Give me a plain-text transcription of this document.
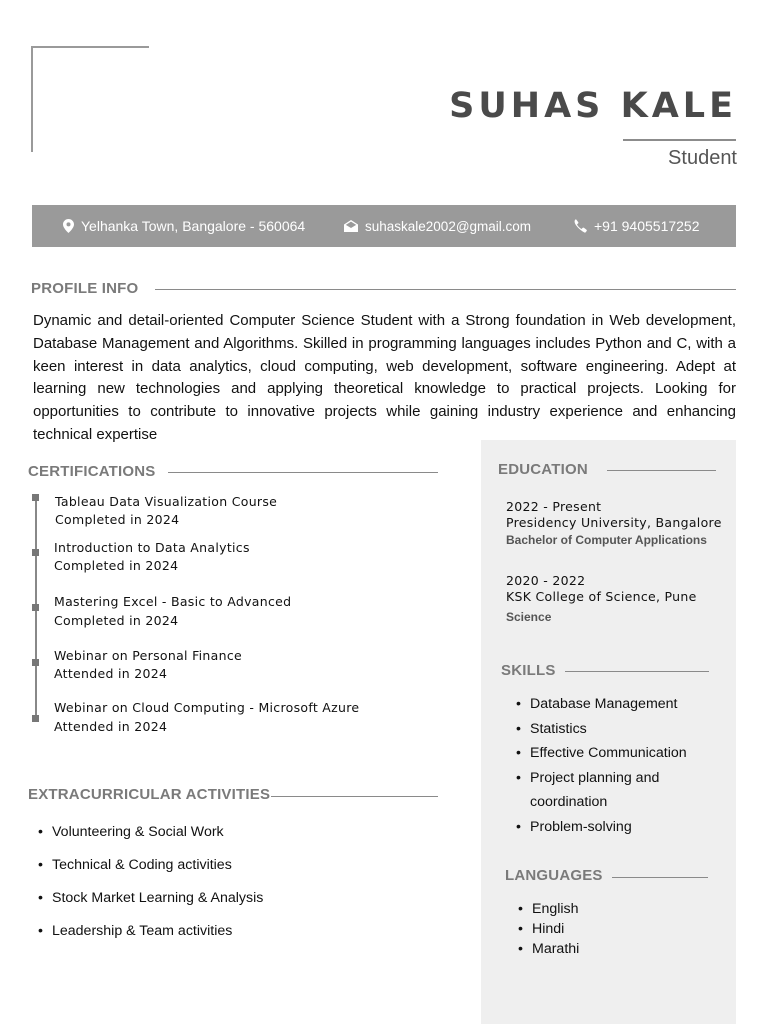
SUHAS KALE
Student
Yelhanka Town, Bangalore - 560064	suhaskale2002@gmail.com	+91 9405517252
PROFILE INFO
Dynamic and detail-oriented Computer Science Student with a Strong foundation in Web development, Database Management and Algorithms. Skilled in programming languages includes Python and C, with a keen interest in data analytics, cloud computing, web development, software engineering. Adept at learning new technologies and applying theoretical knowledge to practical projects. Looking for opportunities to contribute to innovative projects while gaining industry experience and enhancing technical expertise
CERTIFICATIONS
Tableau Data Visualization Course
Completed in 2024
Introduction to Data Analytics
Completed in 2024
Mastering Excel - Basic to Advanced
Completed in 2024
Webinar on Personal Finance
Attended in 2024
Webinar on Cloud Computing - Microsoft Azure
Attended in 2024
EXTRACURRICULAR ACTIVITIES
• Volunteering & Social Work
• Technical & Coding activities
• Stock Market Learning & Analysis
• Leadership & Team activities
EDUCATION
2022 - Present
Presidency University, Bangalore
Bachelor of Computer Applications
2020 - 2022
KSK College of Science, Pune
Science
SKILLS
• Database Management
• Statistics
• Effective Communication
• Project planning and coordination
• Problem-solving
LANGUAGES
• English
• Hindi
• Marathi
